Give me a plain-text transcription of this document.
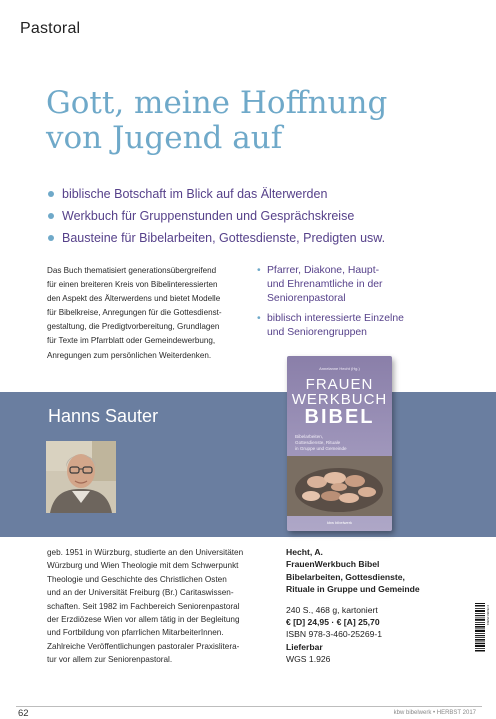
Pastoral
Gott, meine Hoffnung
von Jugend auf
biblische Botschaft im Blick auf das Älterwerden
Werkbuch für Gruppenstunden und Gesprächskreise
Bausteine für Bibelarbeiten, Gottesdienste, Predigten usw.
Das Buch thematisiert generationsübergreifend
für einen breiteren Kreis von Bibelinteressierten
den Aspekt des Älterwerdens und bietet Modelle
für Bibelkreise, Anregungen für die Gottesdienst-
gestaltung, die Predigtvorbereitung, Grundlagen
für Texte im Pfarrblatt oder Gemeindewerbung,
Anregungen zum persönlichen Weiterdenken.
• Pfarrer, Diakone, Haupt-
und Ehrenamtliche in der
Seniorenpastoral
• biblisch interessierte Einzelne
und Seniorengruppen
Hanns Sauter
Annelanne Hecht (Hg.)
FRAUEN
WERKBUCH
BIBEL
Bibelarbeiten,
Gottesdienste, Rituale
in Gruppe und Gemeinde
kbw bibelwerk
geb. 1951 in Würzburg, studierte an den Universitäten
Würzburg und Wien Theologie mit dem Schwerpunkt
Theologie und Geschichte des Christlichen Osten
und an der Universität Freiburg (Br.) Caritaswissen-
schaften. Seit 1982 im Fachbereich Seniorenpastoral
der Erzdiözese Wien vor allem tätig in der Begleitung
und Fortbildung von pfarrlichen MitarbeiterInnen.
Zahlreiche Veröffentlichungen pastoraler Praxislitera-
tur vor allem zur Seniorenpastoral.
Hecht, A.
FrauenWerkbuch Bibel
Bibelarbeiten, Gottesdienste,
Rituale in Gruppe und Gemeinde
240 S., 468 g, kartoniert
€ [D] 24,95 · € [A] 25,70
ISBN 978-3-460-25269-1
Lieferbar
WGS 1.926
9 783460 252691
62	kbw bibelwerk • HERBST 2017
